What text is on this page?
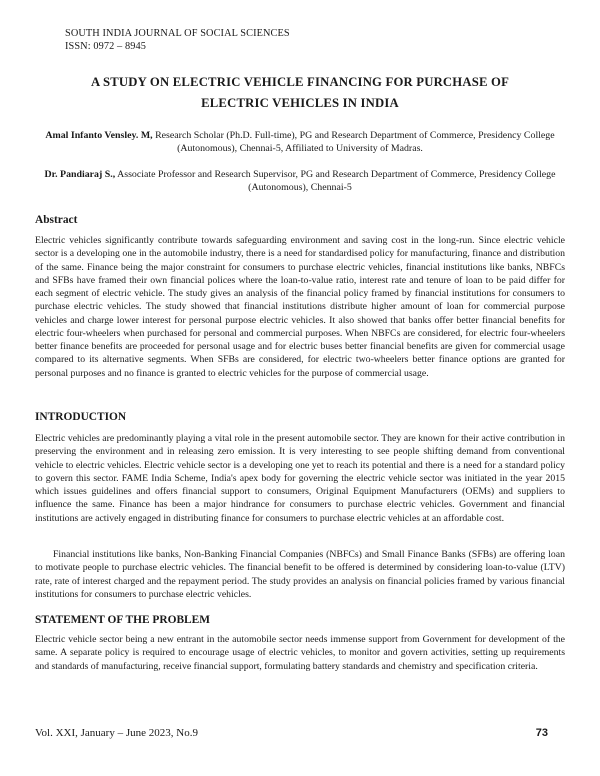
SOUTH INDIA JOURNAL OF SOCIAL SCIENCES
ISSN: 0972 – 8945
A STUDY ON ELECTRIC VEHICLE FINANCING FOR PURCHASE OF
ELECTRIC VEHICLES IN INDIA
Amal Infanto Vensley. M, Research Scholar (Ph.D. Full-time), PG and Research Department of Commerce, Presidency College (Autonomous), Chennai-5, Affiliated to University of Madras.
Dr. Pandiaraj S., Associate Professor and Research Supervisor, PG and Research Department of Commerce, Presidency College (Autonomous), Chennai-5
Abstract

Electric vehicles significantly contribute towards safeguarding environment and saving cost in the long-run. Since electric vehicle sector is a developing one in the automobile industry, there is a need for standardised policy for manufacturing, finance and distribution of the same. Finance being the major constraint for consumers to purchase electric vehicles, financial institutions like banks, NBFCs and SFBs have framed their own financial polices where the loan-to-value ratio, interest rate and tenure of loan to be paid differ for each segment of electric vehicle. The study gives an analysis of the financial policy framed by financial institutions for consumers to purchase electric vehicles. The study showed that financial institutions distribute higher amount of loan for commercial purpose vehicles and charge lower interest for personal purpose electric vehicles. It also showed that banks offer better financial benefits for electric four-wheelers when purchased for personal and commercial purposes. When NBFCs are considered, for electric four-wheelers better finance benefits are proceeded for personal usage and for electric buses better financial benefits are given for commercial usage compared to its alternative segments. When SFBs are considered, for electric two-wheelers better finance options are granted for personal purposes and no finance is granted to electric vehicles for the purpose of commercial usage.

INTRODUCTION

Electric vehicles are predominantly playing a vital role in the present automobile sector. They are known for their active contribution in preserving the environment and in releasing zero emission. It is very interesting to see people shifting demand from conventional vehicle to electric vehicles. Electric vehicle sector is a developing one yet to reach its potential and there is a need for a standard policy to govern this sector. FAME India Scheme, India's apex body for governing the electric vehicle sector was initiated in the year 2015 which issues guidelines and offers financial support to consumers, Original Equipment Manufacturers (OEMs) and suppliers to influence the same. Finance has been a major hindrance for consumers to purchase electric vehicles. Government and financial institutions are actively engaged in distributing finance for consumers to purchase electric vehicles at an affordable cost.

Financial institutions like banks, Non-Banking Financial Companies (NBFCs) and Small Finance Banks (SFBs) are offering loan to motivate people to purchase electric vehicles. The financial benefit to be offered is determined by considering loan-to-value (LTV) rate, rate of interest charged and the repayment period. The study provides an analysis on financial policies framed by various financial institutions for consumers to purchase electric vehicles.

STATEMENT OF THE PROBLEM

Electric vehicle sector being a new entrant in the automobile sector needs immense support from Government for development of the same. A separate policy is required to encourage usage of electric vehicles, to monitor and govern activities, setting up requirements and standards of manufacturing, receive financial support, formulating battery standards and chemistry and specification criteria.

Vol. XXI, January – June 2023, No.9	73
